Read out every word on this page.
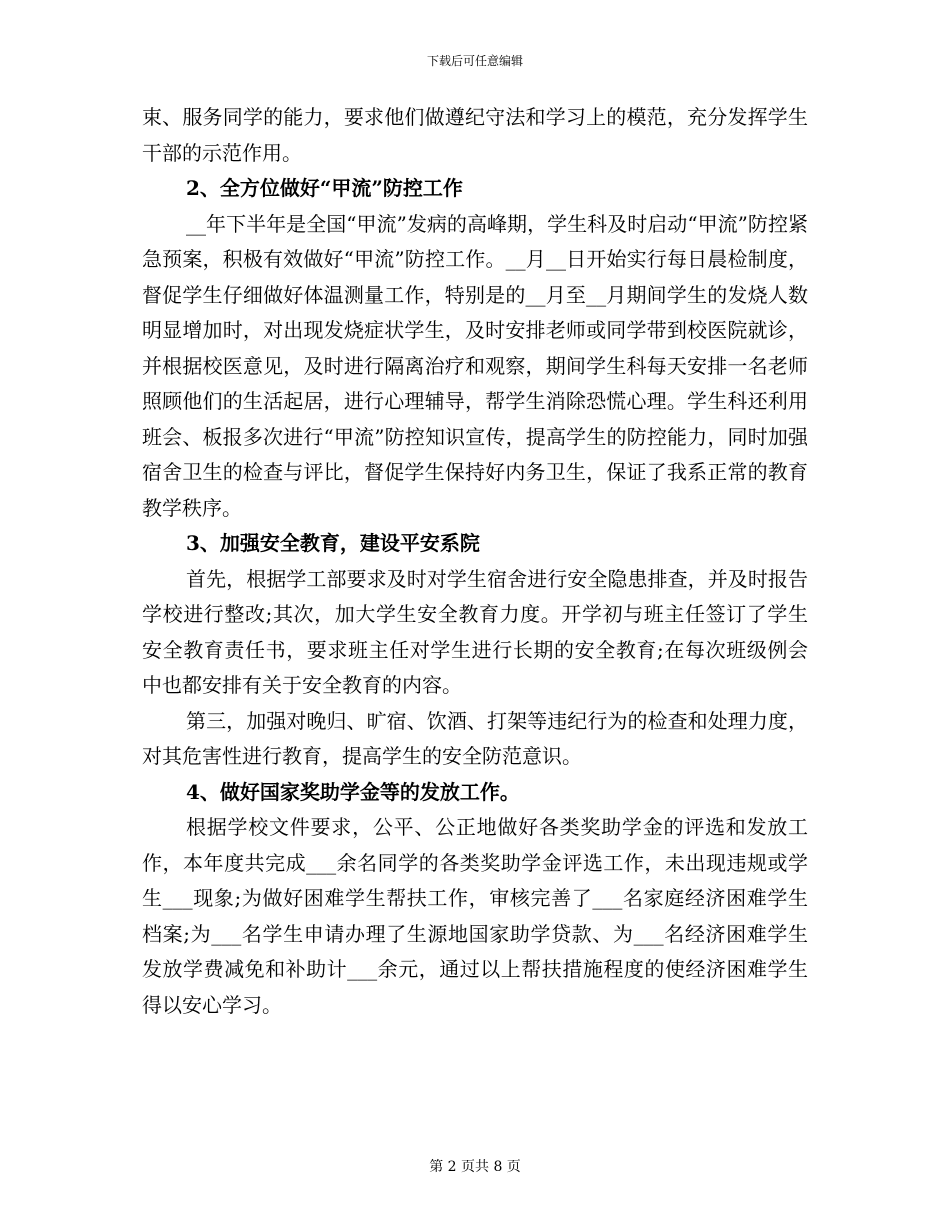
下载后可任意编辑

束、服务同学的能力，要求他们做遵纪守法和学习上的模范，充分发挥学生干部的示范作用。

2、全方位做好“甲流”防控工作

__年下半年是全国“甲流”发病的高峰期，学生科及时启动“甲流”防控紧急预案，积极有效做好“甲流”防控工作。__月__日开始实行每日晨检制度，督促学生仔细做好体温测量工作，特别是的__月至__月期间学生的发烧人数明显增加时，对出现发烧症状学生，及时安排老师或同学带到校医院就诊，并根据校医意见，及时进行隔离治疗和观察，期间学生科每天安排一名老师照顾他们的生活起居，进行心理辅导，帮学生消除恐慌心理。学生科还利用班会、板报多次进行“甲流”防控知识宣传，提高学生的防控能力，同时加强宿舍卫生的检查与评比，督促学生保持好内务卫生，保证了我系正常的教育教学秩序。

3、加强安全教育，建设平安系院

首先，根据学工部要求及时对学生宿舍进行安全隐患排查，并及时报告学校进行整改;其次，加大学生安全教育力度。开学初与班主任签订了学生安全教育责任书，要求班主任对学生进行长期的安全教育;在每次班级例会中也都安排有关于安全教育的内容。

第三，加强对晚归、旷宿、饮酒、打架等违纪行为的检查和处理力度，对其危害性进行教育，提高学生的安全防范意识。

4、做好国家奖助学金等的发放工作。

根据学校文件要求，公平、公正地做好各类奖助学金的评选和发放工作，本年度共完成___余名同学的各类奖助学金评选工作，未出现违规或学生___现象;为做好困难学生帮扶工作，审核完善了___名家庭经济困难学生档案;为___名学生申请办理了生源地国家助学贷款、为___名经济困难学生发放学费减免和补助计___余元，通过以上帮扶措施程度的使经济困难学生得以安心学习。

第 2 页共 8 页
